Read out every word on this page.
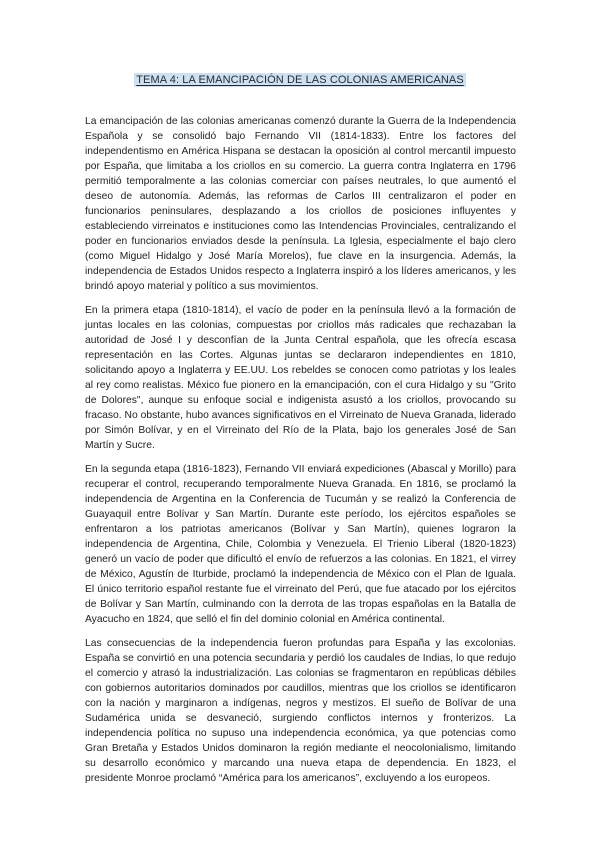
TEMA 4: LA EMANCIPACIÓN DE LAS COLONIAS AMERICANAS

La emancipación de las colonias americanas comenzó durante la Guerra de la Independencia Española y se consolidó bajo Fernando VII (1814-1833). Entre los factores del independentismo en América Hispana se destacan la oposición al control mercantil impuesto por España, que limitaba a los criollos en su comercio. La guerra contra Inglaterra en 1796 permitió temporalmente a las colonias comerciar con países neutrales, lo que aumentó el deseo de autonomía. Además, las reformas de Carlos III centralizaron el poder en funcionarios peninsulares, desplazando a los criollos de posiciones influyentes y estableciendo virreinatos e instituciones como las Intendencias Provinciales, centralizando el poder en funcionarios enviados desde la península. La Iglesia, especialmente el bajo clero (como Miguel Hidalgo y José María Morelos), fue clave en la insurgencia. Además, la independencia de Estados Unidos respecto a Inglaterra inspiró a los líderes americanos, y les brindó apoyo material y político a sus movimientos.

En la primera etapa (1810-1814), el vacío de poder en la península llevó a la formación de juntas locales en las colonias, compuestas por criollos más radicales que rechazaban la autoridad de José I y desconfían de la Junta Central española, que les ofrecía escasa representación en las Cortes. Algunas juntas se declararon independientes en 1810, solicitando apoyo a Inglaterra y EE.UU. Los rebeldes se conocen como patriotas y los leales al rey como realistas. México fue pionero en la emancipación, con el cura Hidalgo y su "Grito de Dolores", aunque su enfoque social e indigenista asustó a los criollos, provocando su fracaso. No obstante, hubo avances significativos en el Virreinato de Nueva Granada, liderado por Simón Bolívar, y en el Virreinato del Río de la Plata, bajo los generales José de San Martín y Sucre.

En la segunda etapa (1816-1823), Fernando VII enviará expediciones (Abascal y Morillo) para recuperar el control, recuperando temporalmente Nueva Granada. En 1816, se proclamó la independencia de Argentina en la Conferencia de Tucumán y se realizó la Conferencia de Guayaquil entre Bolívar y San Martín. Durante este período, los ejércitos españoles se enfrentaron a los patriotas americanos (Bolívar y San Martín), quienes lograron la independencia de Argentina, Chile, Colombia y Venezuela. El Trienio Liberal (1820-1823) generó un vacío de poder que dificultó el envío de refuerzos a las colonias. En 1821, el virrey de México, Agustín de Iturbide, proclamó la independencia de México con el Plan de Iguala. El único territorio español restante fue el virreinato del Perú, que fue atacado por los ejércitos de Bolívar y San Martín, culminando con la derrota de las tropas españolas en la Batalla de Ayacucho en 1824, que selló el fin del dominio colonial en América continental.

Las consecuencias de la independencia fueron profundas para España y las excolonias. España se convirtió en una potencia secundaria y perdió los caudales de Indias, lo que redujo el comercio y atrasó la industrialización. Las colonias se fragmentaron en repúblicas débiles con gobiernos autoritarios dominados por caudillos, mientras que los criollos se identificaron con la nación y marginaron a indígenas, negros y mestizos. El sueño de Bolívar de una Sudamérica unida se desvaneció, surgiendo conflictos internos y fronterizos. La independencia política no supuso una independencia económica, ya que potencias como Gran Bretaña y Estados Unidos dominaron la región mediante el neocolonialismo, limitando su desarrollo económico y marcando una nueva etapa de dependencia. En 1823, el presidente Monroe proclamó “América para los americanos”, excluyendo a los europeos.
